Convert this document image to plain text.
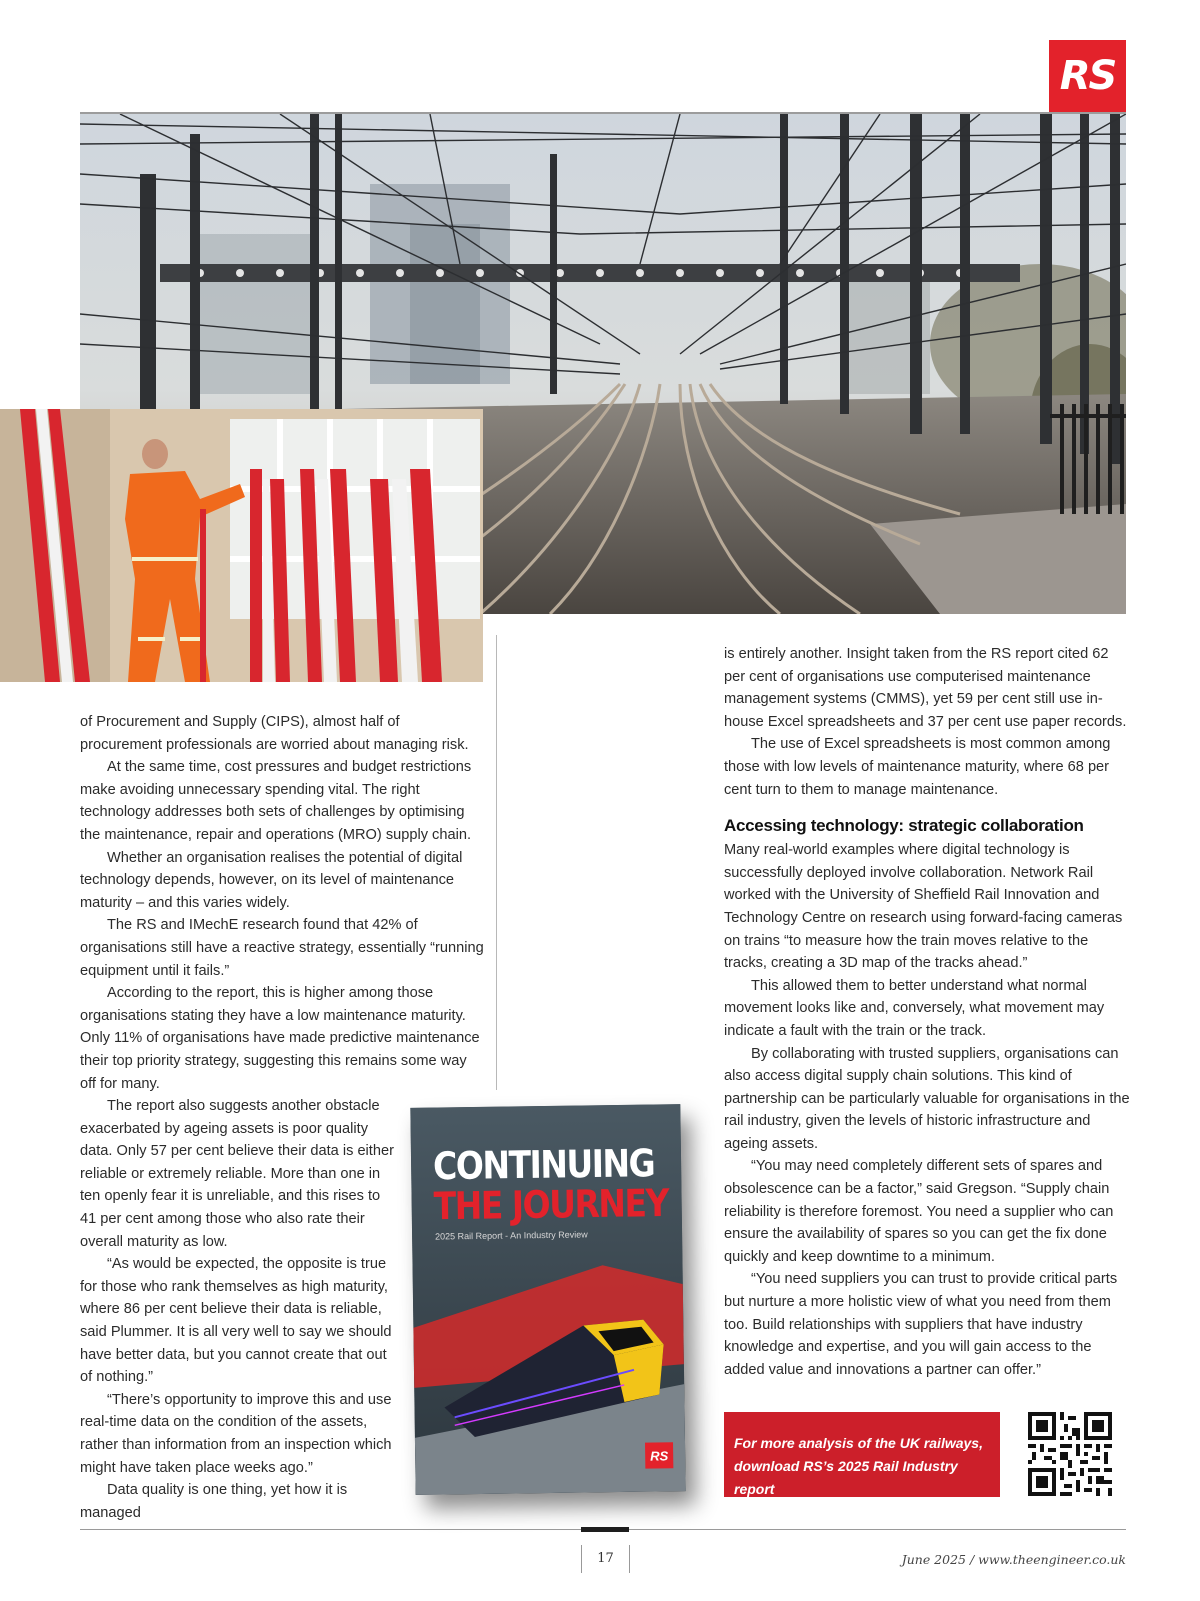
RS

of Procurement and Supply (CIPS), almost half of procurement professionals are worried about managing risk.

At the same time, cost pressures and budget restrictions make avoiding unnecessary spending vital. The right technology addresses both sets of challenges by optimising the maintenance, repair and operations (MRO) supply chain.

Whether an organisation realises the potential of digital technology depends, however, on its level of maintenance maturity – and this varies widely.

The RS and IMechE research found that 42% of organisations still have a reactive strategy, essentially “running equipment until it fails.”

According to the report, this is higher among those organisations stating they have a low maintenance maturity. Only 11% of organisations have made predictive maintenance their top priority strategy, suggesting this remains some way off for many.

The report also suggests another obstacle exacerbated by ageing assets is poor quality data. Only 57 per cent believe their data is either reliable or extremely reliable. More than one in ten openly fear it is unreliable, and this rises to 41 per cent among those who also rate their overall maturity as low.

“As would be expected, the opposite is true for those who rank themselves as high maturity, where 86 per cent believe their data is reliable, said Plummer. It is all very well to say we should have better data, but you cannot create that out of nothing.”

“There’s opportunity to improve this and use real-time data on the condition of the assets, rather than information from an inspection which might have taken place weeks ago.”

Data quality is one thing, yet how it is managed

is entirely another. Insight taken from the RS report cited 62 per cent of organisations use computerised maintenance management systems (CMMS), yet 59 per cent still use in-house Excel spreadsheets and 37 per cent use paper records.

The use of Excel spreadsheets is most common among those with low levels of maintenance maturity, where 68 per cent turn to them to manage maintenance.

Accessing technology: strategic collaboration

Many real-world examples where digital technology is successfully deployed involve collaboration. Network Rail worked with the University of Sheffield Rail Innovation and Technology Centre on research using forward-facing cameras on trains “to measure how the train moves relative to the tracks, creating a 3D map of the tracks ahead.”

This allowed them to better understand what normal movement looks like and, conversely, what movement may indicate a fault with the train or the track.

By collaborating with trusted suppliers, organisations can also access digital supply chain solutions. This kind of partnership can be particularly valuable for organisations in the rail industry, given the levels of historic infrastructure and ageing assets.

“You may need completely different sets of spares and obsolescence can be a factor,” said Gregson. “Supply chain reliability is therefore foremost. You need a supplier who can ensure the availability of spares so you can get the fix done quickly and keep downtime to a minimum.

“You need suppliers you can trust to provide critical parts but nurture a more holistic view of what you need from them too. Build relationships with suppliers that have industry knowledge and expertise, and you will gain access to the added value and innovations a partner can offer.”

CONTINUING
THE JOURNEY
2025 Rail Report - An Industry Review
RS
For more analysis of the UK railways,
download RS’s 2025 Rail Industry report
17	June 2025 / www.theengineer.co.uk
